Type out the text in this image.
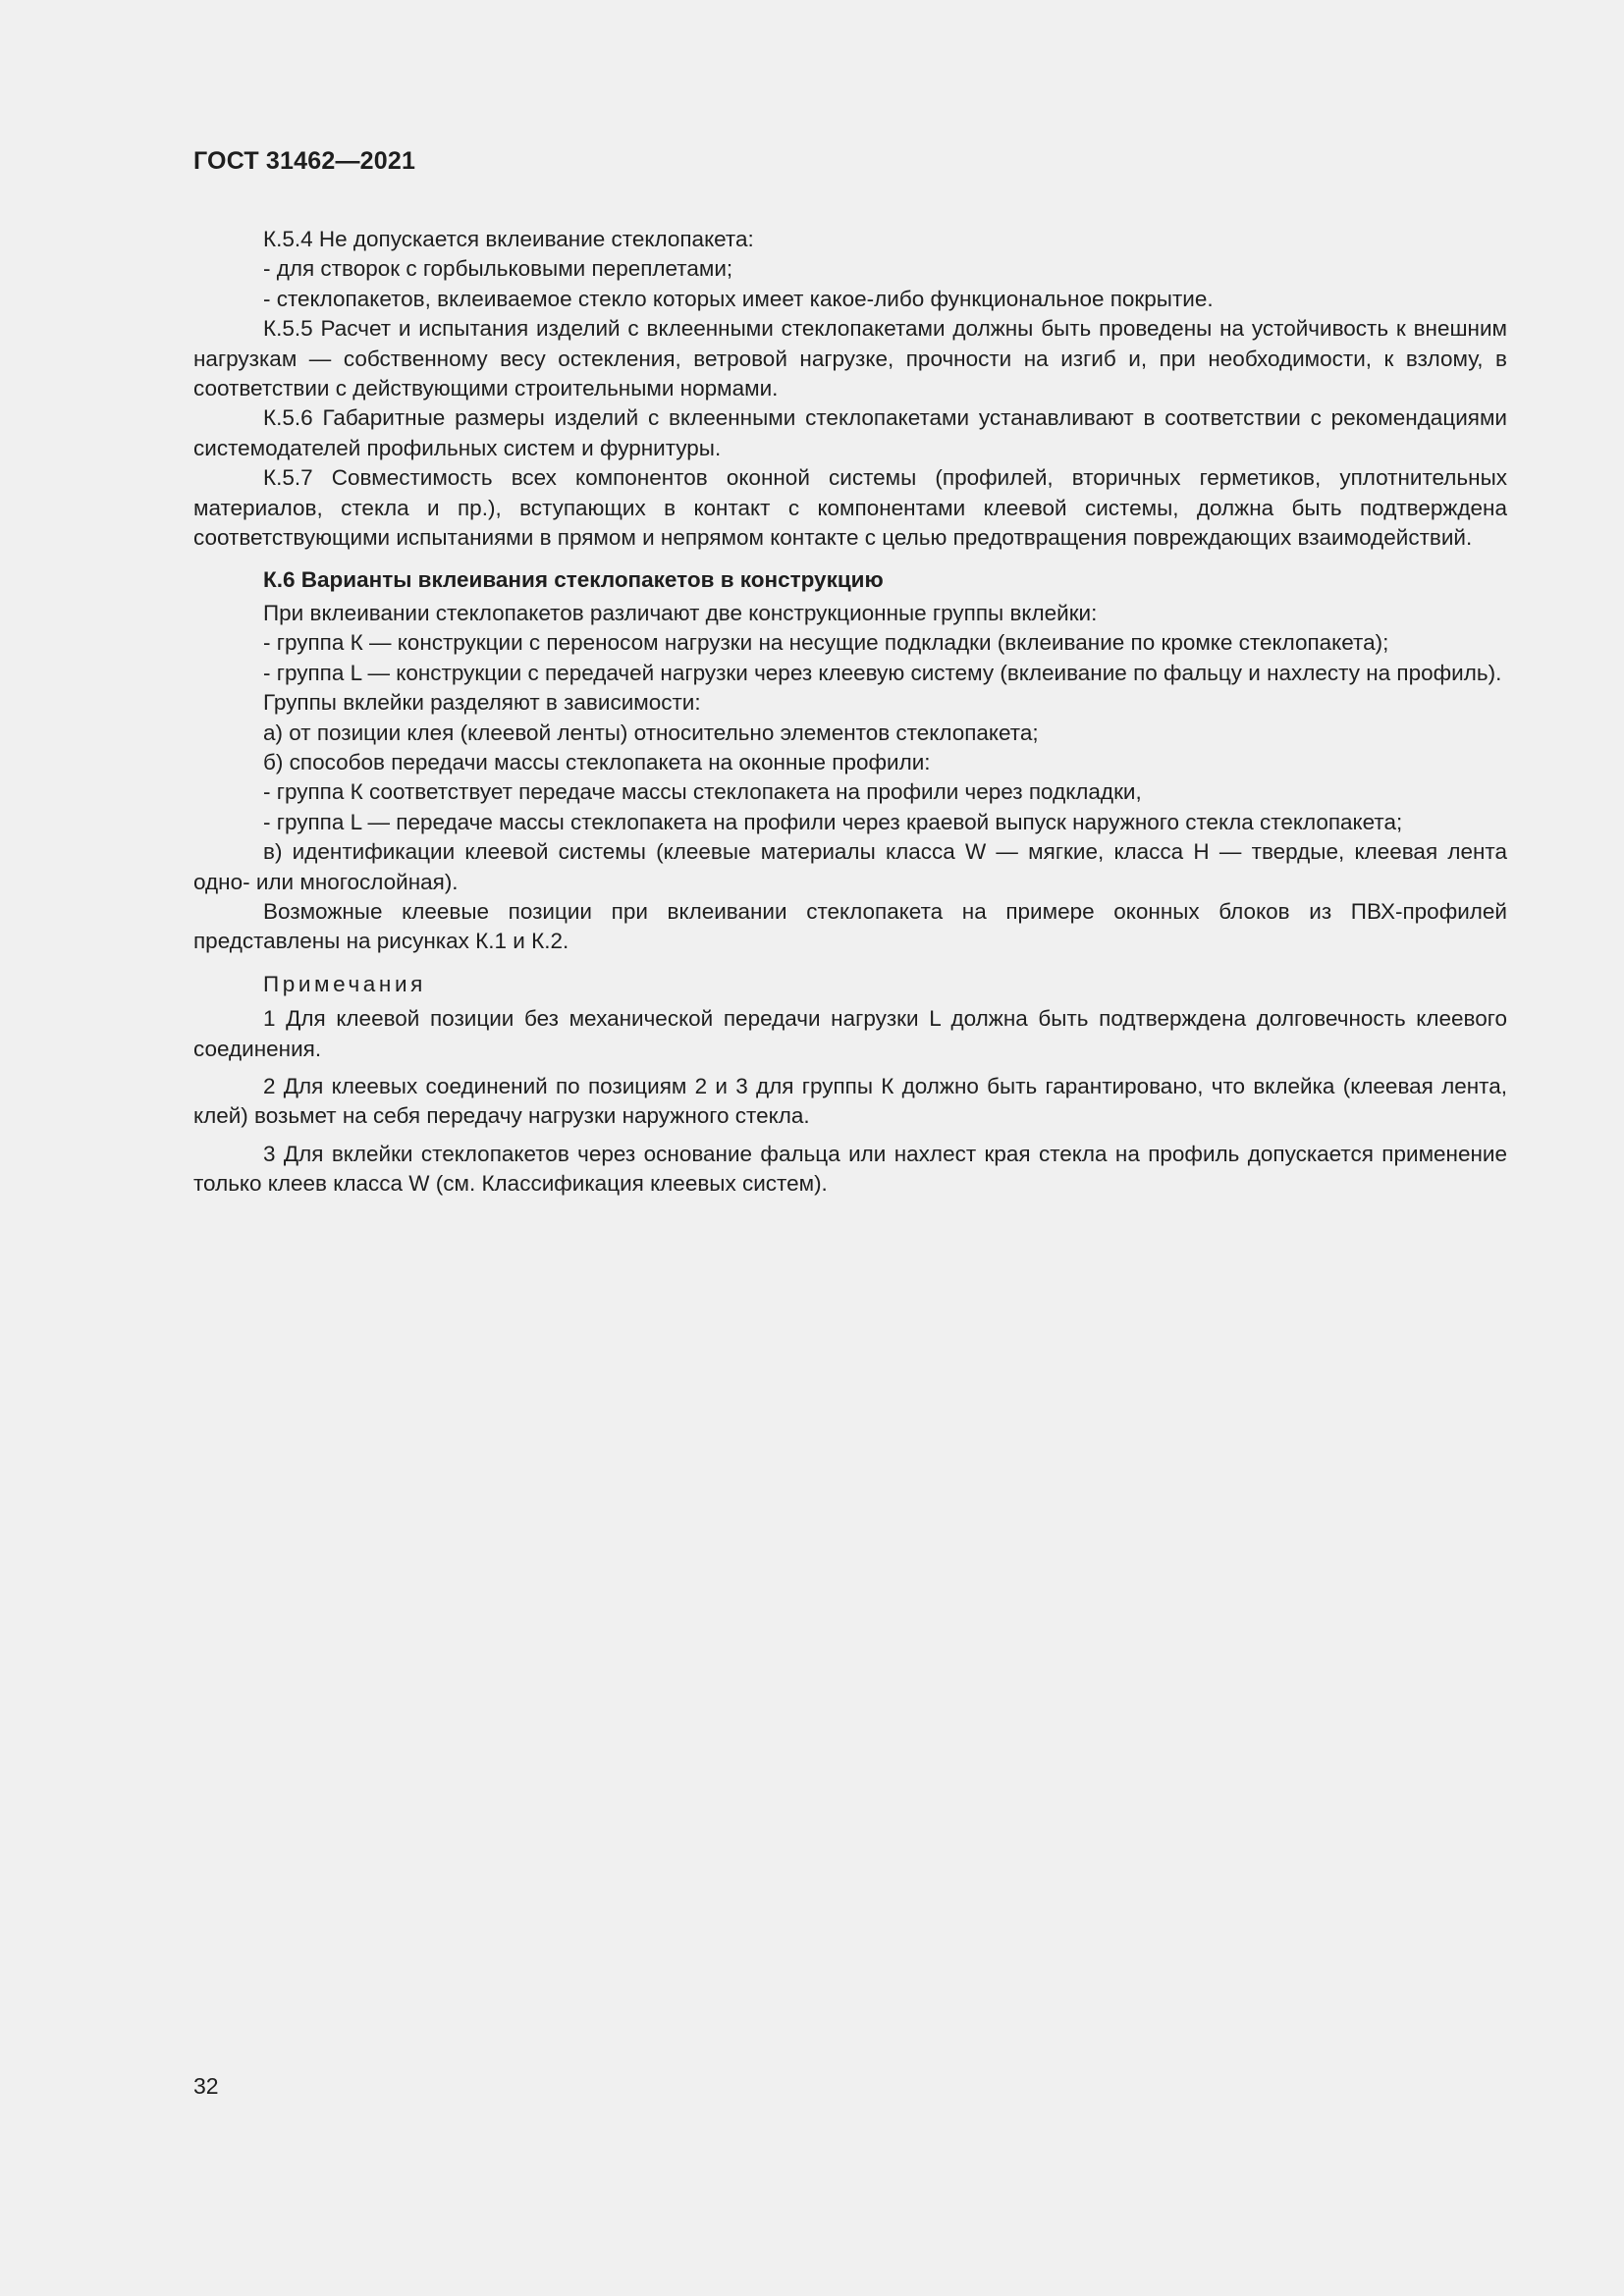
ГОСТ 31462—2021

К.5.4 Не допускается вклеивание стеклопакета:

- для створок с горбыльковыми переплетами;

- стеклопакетов, вклеиваемое стекло которых имеет какое-либо функциональное покрытие.

К.5.5 Расчет и испытания изделий с вклеенными стеклопакетами должны быть проведены на устойчивость к внешним нагрузкам — собственному весу остекления, ветровой нагрузке, прочности на изгиб и, при необходимости, к взлому, в соответствии с действующими строительными нормами.

К.5.6 Габаритные размеры изделий с вклеенными стеклопакетами устанавливают в соответствии с рекомендациями системодателей профильных систем и фурнитуры.

К.5.7 Совместимость всех компонентов оконной системы (профилей, вторичных герметиков, уплотнительных материалов, стекла и пр.), вступающих в контакт с компонентами клеевой системы, должна быть подтверждена соответствующими испытаниями в прямом и непрямом контакте с целью предотвращения повреждающих взаимодействий.

К.6 Варианты вклеивания стеклопакетов в конструкцию

При вклеивании стеклопакетов различают две конструкционные группы вклейки:

- группа К — конструкции с переносом нагрузки на несущие подкладки (вклеивание по кромке стеклопакета);

- группа L — конструкции с передачей нагрузки через клеевую систему (вклеивание по фальцу и нахлесту на профиль).

Группы вклейки разделяют в зависимости:

а) от позиции клея (клеевой ленты) относительно элементов стеклопакета;

б) способов передачи массы стеклопакета на оконные профили:

- группа К соответствует передаче массы стеклопакета на профили через подкладки,

- группа L — передаче массы стеклопакета на профили через краевой выпуск наружного стекла стеклопакета;

в) идентификации клеевой системы (клеевые материалы класса W — мягкие, класса Н — твердые, клеевая лента одно- или многослойная).

Возможные клеевые позиции при вклеивании стеклопакета на примере оконных блоков из ПВХ-профилей представлены на рисунках К.1 и К.2.

Примечания

1 Для клеевой позиции без механической передачи нагрузки L должна быть подтверждена долговечность клеевого соединения.

2 Для клеевых соединений по позициям 2 и 3 для группы К должно быть гарантировано, что вклейка (клеевая лента, клей) возьмет на себя передачу нагрузки наружного стекла.

3 Для вклейки стеклопакетов через основание фальца или нахлест края стекла на профиль допускается применение только клеев класса W (см. Классификация клеевых систем).

32
